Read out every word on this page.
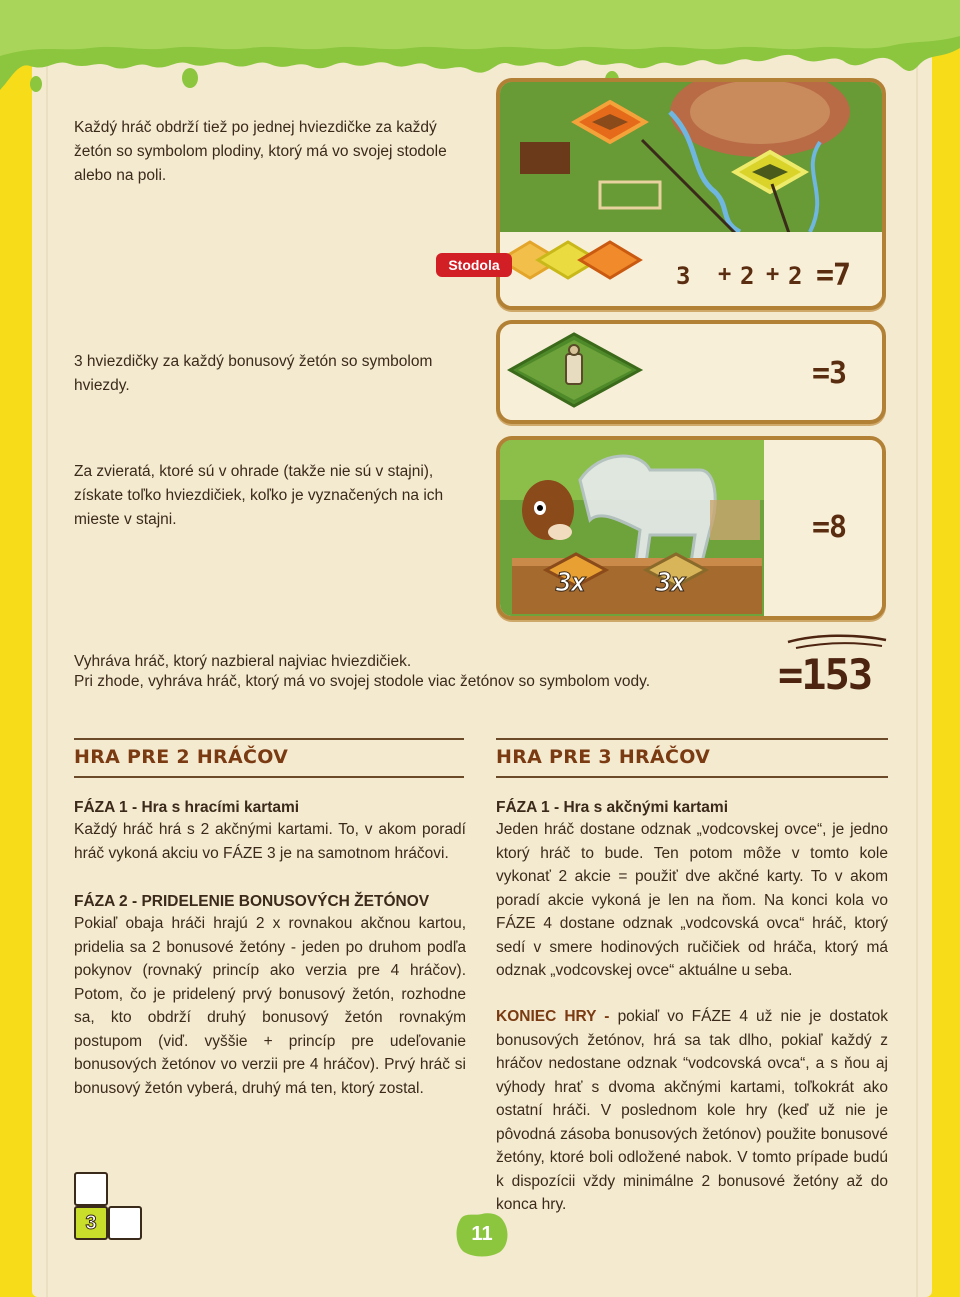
Každý hráč obdrží tiež po jednej hviezdičke za každý žetón so symbolom plodiny, ktorý má vo svojej stodole alebo na poli.

3 + 2 + 2 =7
Stodola

3 hviezdičky za každý bonusový žetón so symbolom hviezdy.	=3

Za zvieratá, ktoré sú v ohrade (takže nie sú v stajni), získate toľko hviezdičiek, koľko je vyznačených na ich mieste v stajni.

3x	3x
=8

Vyhráva hráč, ktorý nazbieral najviac hviezdičiek.

Pri zhode, vyhráva hráč, ktorý má vo svojej stodole viac žetónov so symbolom vody.	=153
HRA PRE 2 HRÁČOV
FÁZA 1 - Hra s hracími kartami

Každý hráč hrá s 2 akčnými kartami. To, v akom poradí hráč vykoná akciu vo FÁZE 3 je na samotnom hráčovi.

FÁZA 2 - PRIDELENIE BONUSOVÝCH ŽETÓNOV

Pokiaľ obaja hráči hrajú 2 x rovnakou akčnou kartou, pridelia sa 2 bonusové žetóny - jeden po druhom podľa pokynov (rovnaký princíp ako verzia pre 4 hráčov). Potom, čo je pridelený prvý bonusový žetón, rozhodne sa, kto obdrží druhý bonusový žetón rovnakým postupom (viď. vyššie + princíp pre udeľovanie bonusových žetónov vo verzii pre 4 hráčov). Prvý hráč si bonusový žetón vyberá, druhý má ten, ktorý zostal.

HRA PRE 3 HRÁČOV
FÁZA 1 - Hra s akčnými kartami

Jeden hráč dostane odznak „vodcovskej ovce“, je jedno ktorý hráč to bude. Ten potom môže v tomto kole vykonať 2 akcie = použiť dve akčné karty. To v akom poradí akcie vykoná je len na ňom. Na konci kola vo FÁZE 4 dostane odznak „vodcovská ovca“ hráč, ktorý sedí v smere hodinových ručičiek od hráča, ktorý má odznak „vodcovskej ovce“ aktuálne u seba.

KONIEC HRY - pokiaľ vo FÁZE 4 už nie je dostatok bonusových žetónov, hrá sa tak dlho, pokiaľ každý z hráčov nedostane odznak “vodcovská ovca“, a s ňou aj výhody hrať s dvoma akčnými kartami, toľkokrát ako ostatní hráči. V poslednom kole hry (keď už nie je pôvodná zásoba bonusových žetónov) použite bonusové žetóny, ktoré boli odložené nabok. V tomto prípade budú k dispozícii vždy minimálne 2 bonusové žetóny až do konca hry.

3	11
